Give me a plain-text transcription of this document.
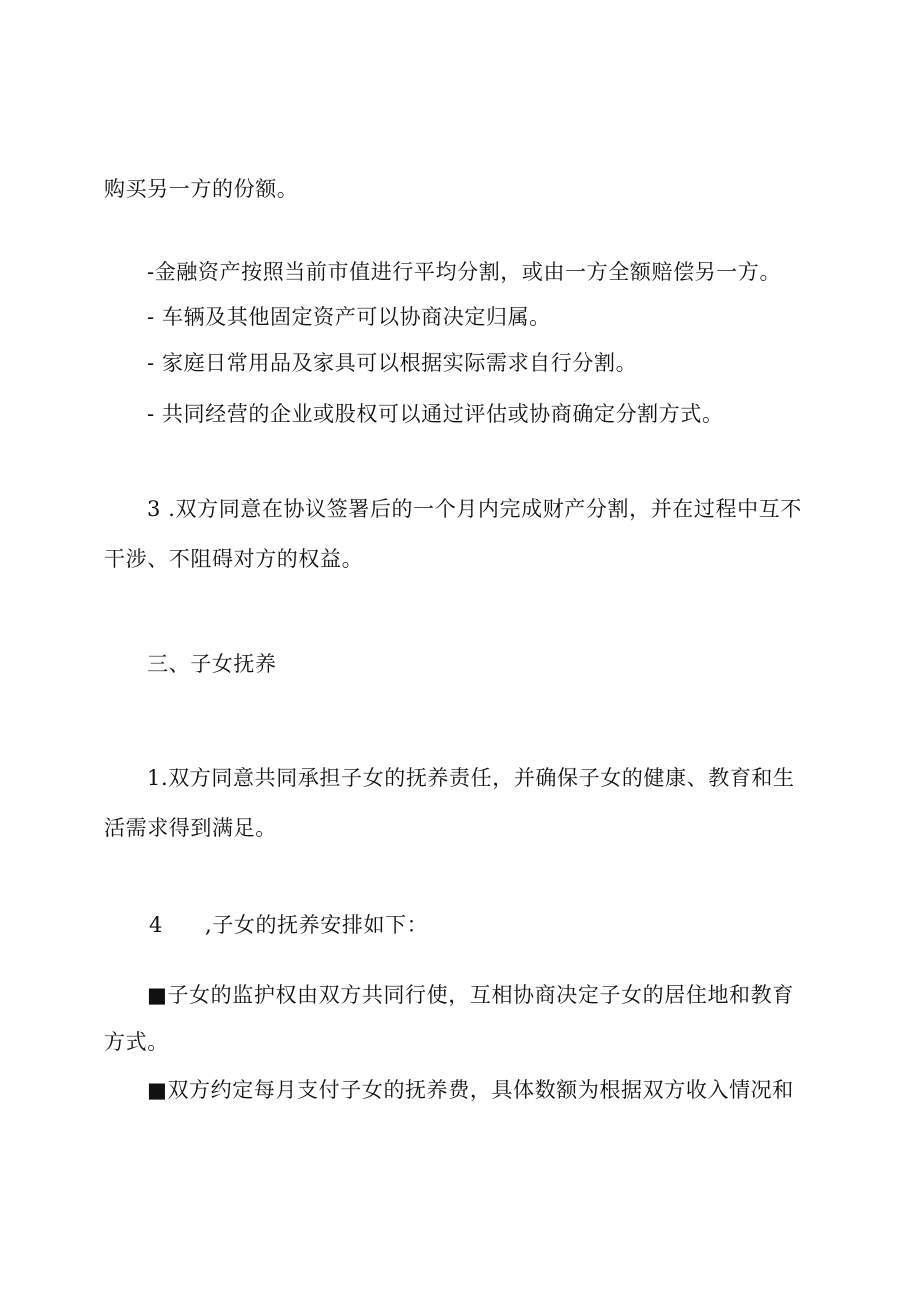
购买另一方的份额。
-金融资产按照当前市值进行平均分割，或由一方全额赔偿另一方。
- 车辆及其他固定资产可以协商决定归属。
- 家庭日常用品及家具可以根据实际需求自行分割。
- 共同经营的企业或股权可以通过评估或协商确定分割方式。
3 .双方同意在协议签署后的一个月内完成财产分割，并在过程中互不
干涉、不阻碍对方的权益。
三、子女抚养
1.双方同意共同承担子女的抚养责任，并确保子女的健康、教育和生
活需求得到满足。
4 ,子女的抚养安排如下：
■子女的监护权由双方共同行使，互相协商决定子女的居住地和教育
方式。
■双方约定每月支付子女的抚养费，具体数额为根据双方收入情况和
